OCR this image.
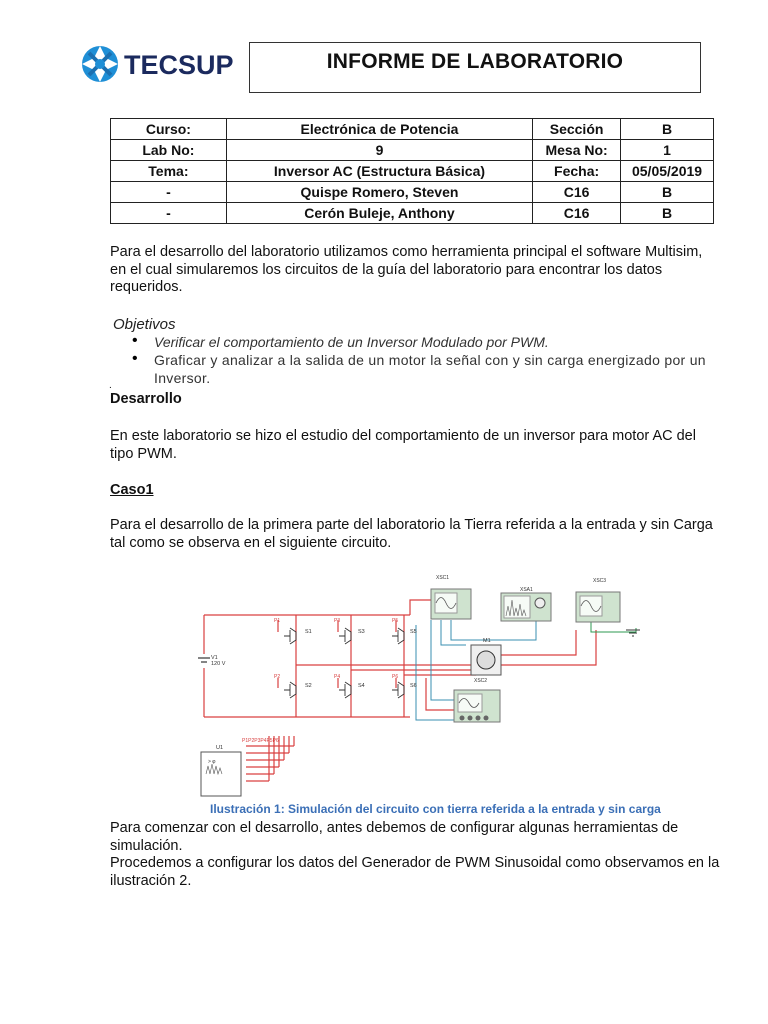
TECSUP	INFORME DE LABORATORIO
Curso:	Electrónica de Potencia	Sección	B
Lab No:	9	Mesa No:	1
Tema:	Inversor AC (Estructura Básica)	Fecha:	05/05/2019
-	Quispe Romero, Steven	C16	B
-	Cerón Buleje, Anthony	C16	B
Para el desarrollo del laboratorio utilizamos como herramienta principal el software Multisim, en el cual simularemos los circuitos de la guía del laboratorio para encontrar los datos requeridos.
Objetivos
• Verificar el comportamiento de un Inversor Modulado por PWM.
• Graficar y analizar a la salida de un motor la señal con y sin carga energizado por un Inversor.
.
Desarrollo
En este laboratorio se hizo el estudio del comportamiento de un inversor para motor AC del tipo PWM.
Caso1
Para el desarrollo de la primera parte del laboratorio la Tierra referida a la entrada y sin Carga tal como se observa en el siguiente circuito.
V1
120 V
S1
S2
S3
S4
S5
S6
P1
P2
P3
P4
P5
P6
P1P2P3P4P5P6
XSC1
XSA1
XSC3
M1
XSC2
U1
> φ
Ilustración 1: Simulación del circuito con tierra referida a la entrada y sin carga
Para comenzar con el desarrollo, antes debemos de configurar algunas herramientas de simulación.
Procedemos a configurar los datos del Generador de PWM Sinusoidal como observamos en la ilustración 2.
